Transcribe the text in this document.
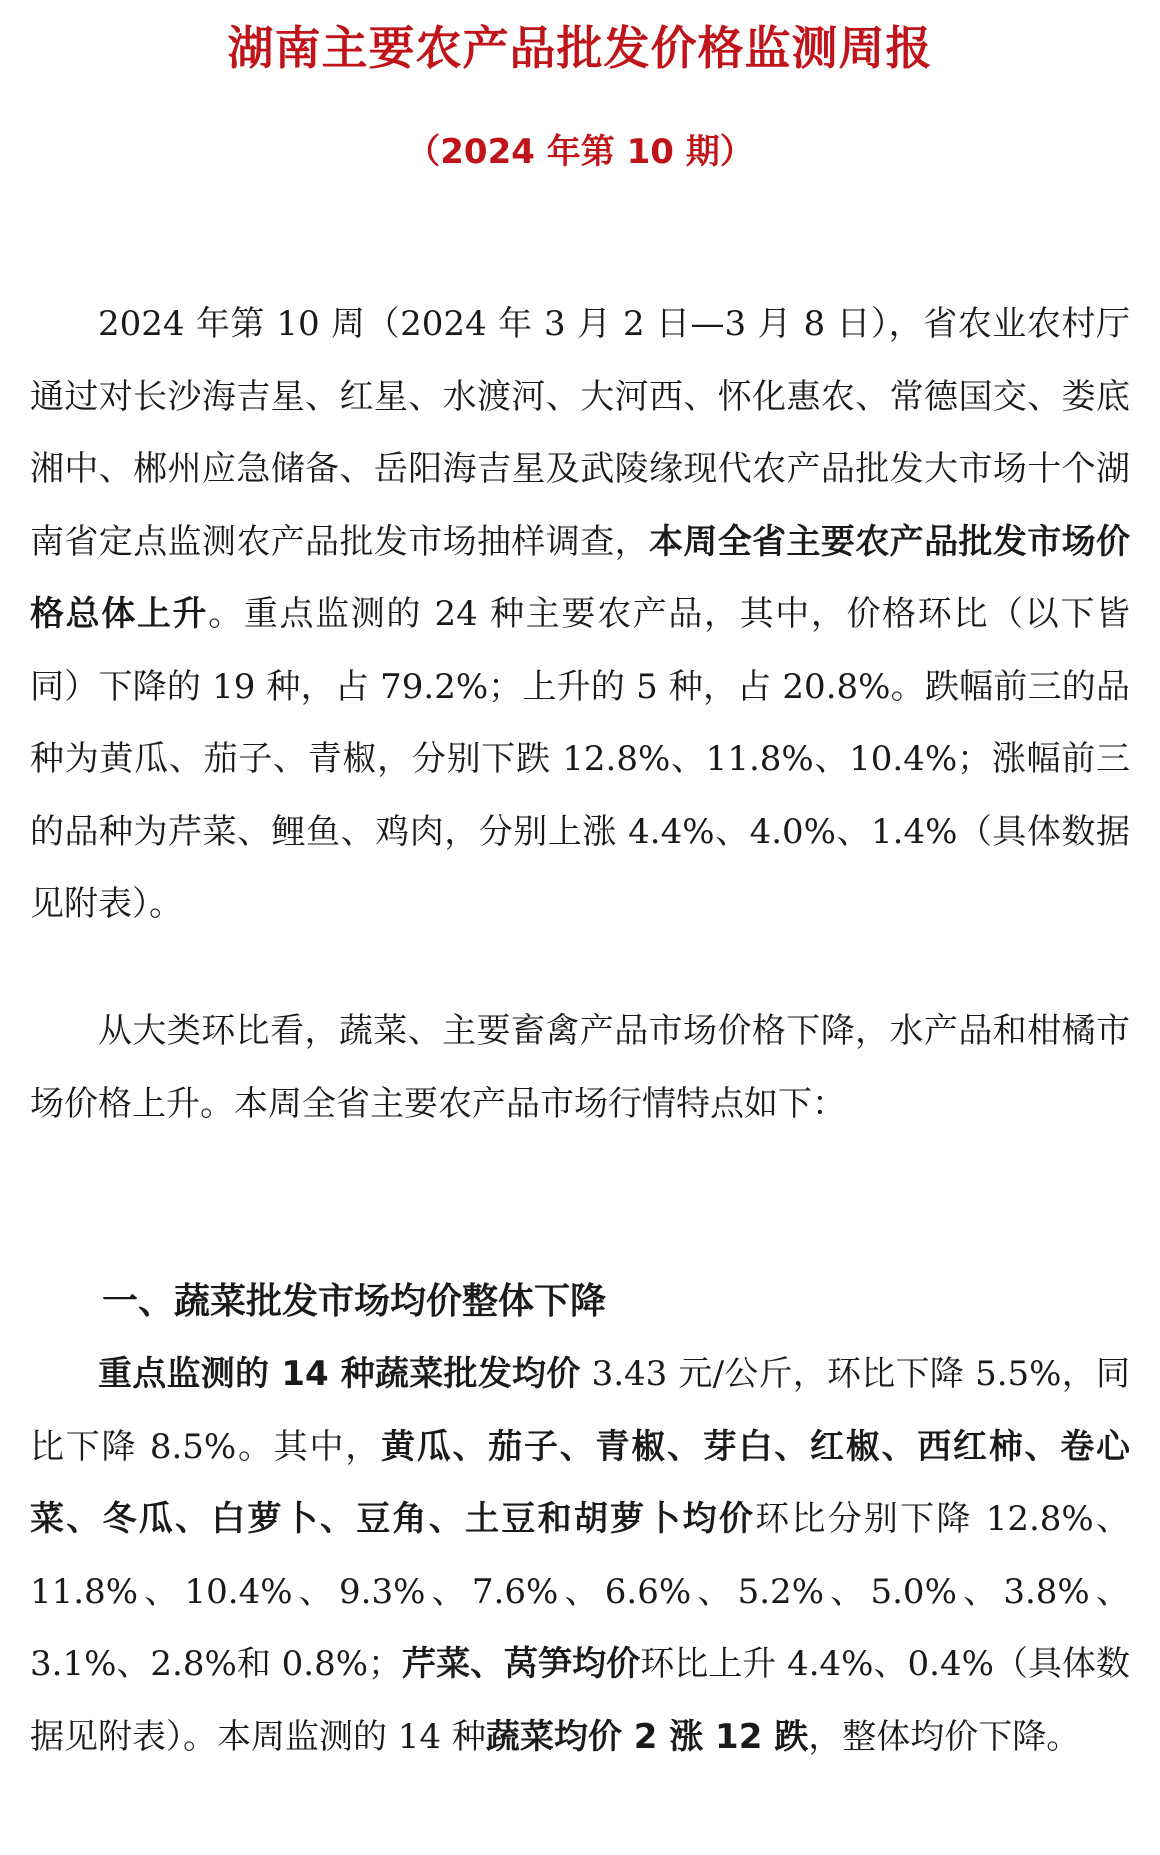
湖南主要农产品批发价格监测周报
（2024 年第 10 期）

2024 年第 10 周（2024 年 3 月 2 日—3 月 8 日），省农业农村厅通过对长沙海吉星、红星、水渡河、大河西、怀化惠农、常德国交、娄底湘中、郴州应急储备、岳阳海吉星及武陵缘现代农产品批发大市场十个湖南省定点监测农产品批发市场抽样调查，本周全省主要农产品批发市场价格总体上升。重点监测的 24 种主要农产品，其中，价格环比（以下皆同）下降的 19 种，占 79.2%；上升的 5 种，占 20.8%。跌幅前三的品种为黄瓜、茄子、青椒，分别下跌 12.8%、11.8%、10.4%；涨幅前三的品种为芹菜、鲤鱼、鸡肉，分别上涨 4.4%、4.0%、1.4%（具体数据见附表）。

从大类环比看，蔬菜、主要畜禽产品市场价格下降，水产品和柑橘市场价格上升。本周全省主要农产品市场行情特点如下：

一、蔬菜批发市场均价整体下降

重点监测的 14 种蔬菜批发均价 3.43 元/公斤，环比下降 5.5%，同比下降 8.5%。其中，黄瓜、茄子、青椒、芽白、红椒、西红柿、卷心菜、冬瓜、白萝卜、豆角、土豆和胡萝卜均价环比分别下降 12.8%、11.8%、10.4%、9.3%、7.6%、6.6%、5.2%、5.0%、3.8%、3.1%、2.8%和 0.8%；芹菜、莴笋均价环比上升 4.4%、0.4%（具体数据见附表）。本周监测的 14 种蔬菜均价 2 涨 12 跌，整体均价下降。
